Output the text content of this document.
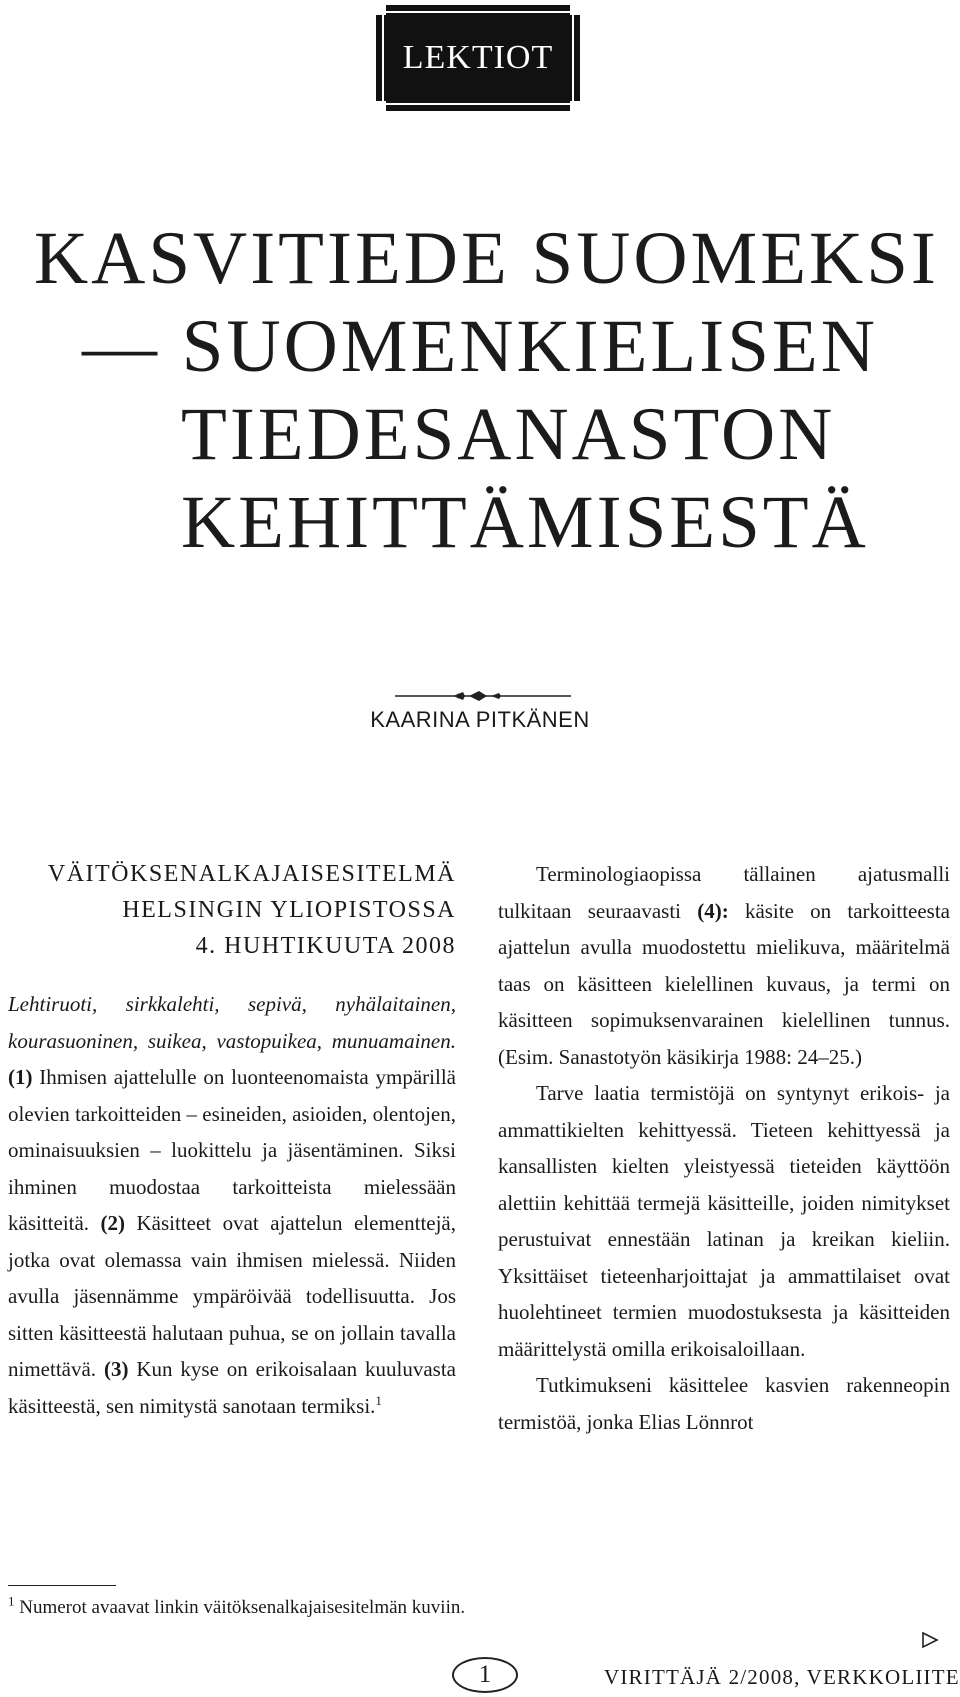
LEKTIOT
KASVITIEDE SUOMEKSI
— SUOMENKIELISEN
TIEDESANASTON
KEHITTÄMISESTÄ
KAARINA PITKÄNEN
VÄITÖKSENALKAJAISESITELMÄ
HELSINGIN YLIOPISTOSSA
4. HUHTIKUUTA 2008

Lehtiruoti, sirkkalehti, sepivä, nyhälaitainen, kourasuoninen, suikea, vastopuikea, munuamainen. (1) Ihmisen ajattelulle on luonteenomaista ympärillä olevien tarkoitteiden – esineiden, asioiden, olentojen, ominaisuuksien – luokittelu ja jäsentäminen. Siksi ihminen muodostaa tarkoitteista mielessään käsitteitä. (2) Käsitteet ovat ajattelun elementtejä, jotka ovat olemassa vain ihmisen mielessä. Niiden avulla jäsennämme ympäröivää todellisuutta. Jos sitten käsitteestä halutaan puhua, se on jollain tavalla nimettävä. (3) Kun kyse on erikoisalaan kuuluvasta käsitteestä, sen nimitystä sanotaan termiksi.$^1$

Terminologiaopissa tällainen ajatusmalli tulkitaan seuraavasti (4): käsite on tarkoitteesta ajattelun avulla muodostettu mielikuva, määritelmä taas on käsitteen kielellinen kuvaus, ja termi on käsitteen sopimuksenvarainen kielellinen tunnus. (Esim. Sanastotyön käsikirja 1988: 24–25.)

Tarve laatia termistöjä on syntynyt erikois- ja ammattikielten kehittyessä. Tieteen kehittyessä ja kansallisten kielten yleistyessä tieteiden käyttöön alettiin kehittää termejä käsitteille, joiden nimitykset perustuivat ennestään latinan ja kreikan kieliin. Yksittäiset tieteenharjoittajat ja ammattilaiset ovat huolehtineet termien muodostuksesta ja käsitteiden määrittelystä omilla erikoisaloillaan.

Tutkimukseni käsittelee kasvien rakenneopin termistöä, jonka Elias Lönnrot

$^1$ Numerot avaavat linkin väitöksenalkajaisesitelmän kuviin.
1	VIRITTÄJÄ 2/2008, VERKKOLIITE
